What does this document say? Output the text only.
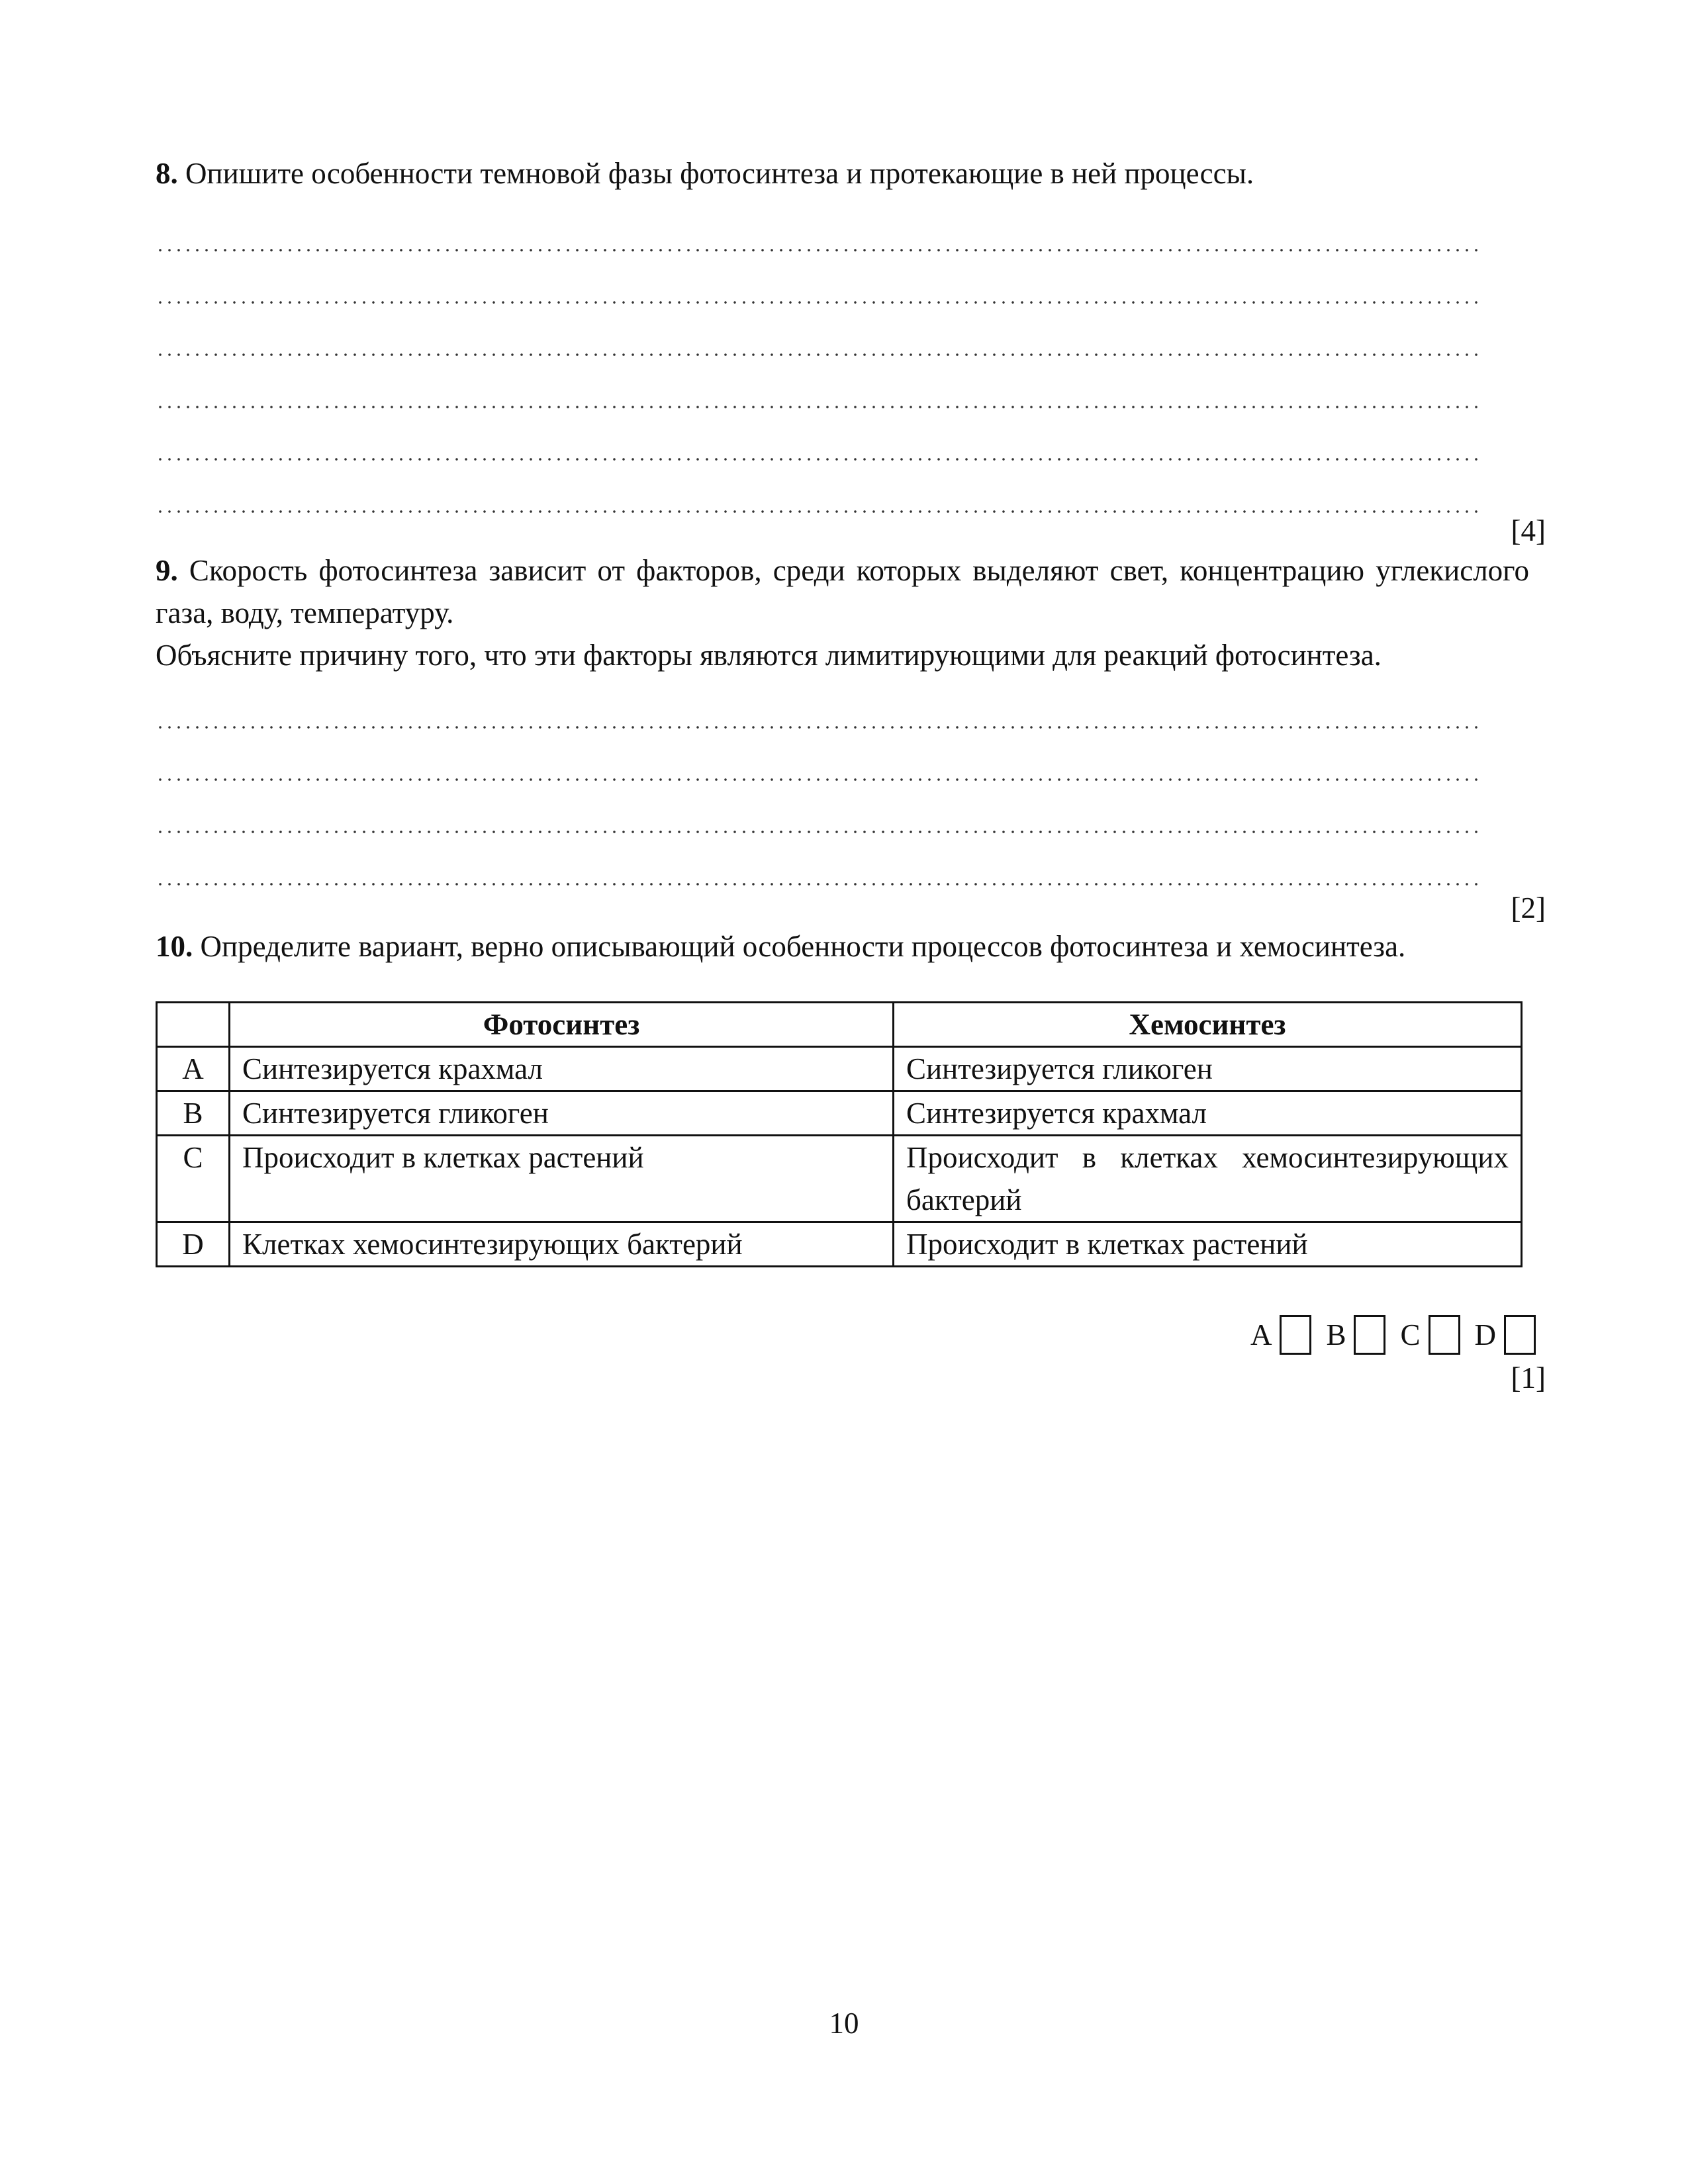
8. Опишите особенности темновой фазы фотосинтеза и протекающие в ней процессы.

[4]

9. Скорость фотосинтеза зависит от факторов, среди которых выделяют свет, концентрацию углекислого газа, воду, температуру.

Объясните причину того, что эти факторы являются лимитирующими для реакций фотосинтеза.

[2]

10. Определите вариант, верно описывающий особенности процессов фотосинтеза и хемосинтеза.

	Фотосинтез	Хемосинтез
A	Синтезируется крахмал	Синтезируется гликоген
B	Синтезируется гликоген	Синтезируется крахмал
C	Происходит в клетках растений	Происходит в клетках хемосинтезирующих бактерий
D	Клетках хемосинтезирующих бактерий	Происходит в клетках растений
A B C D
[1]
10
